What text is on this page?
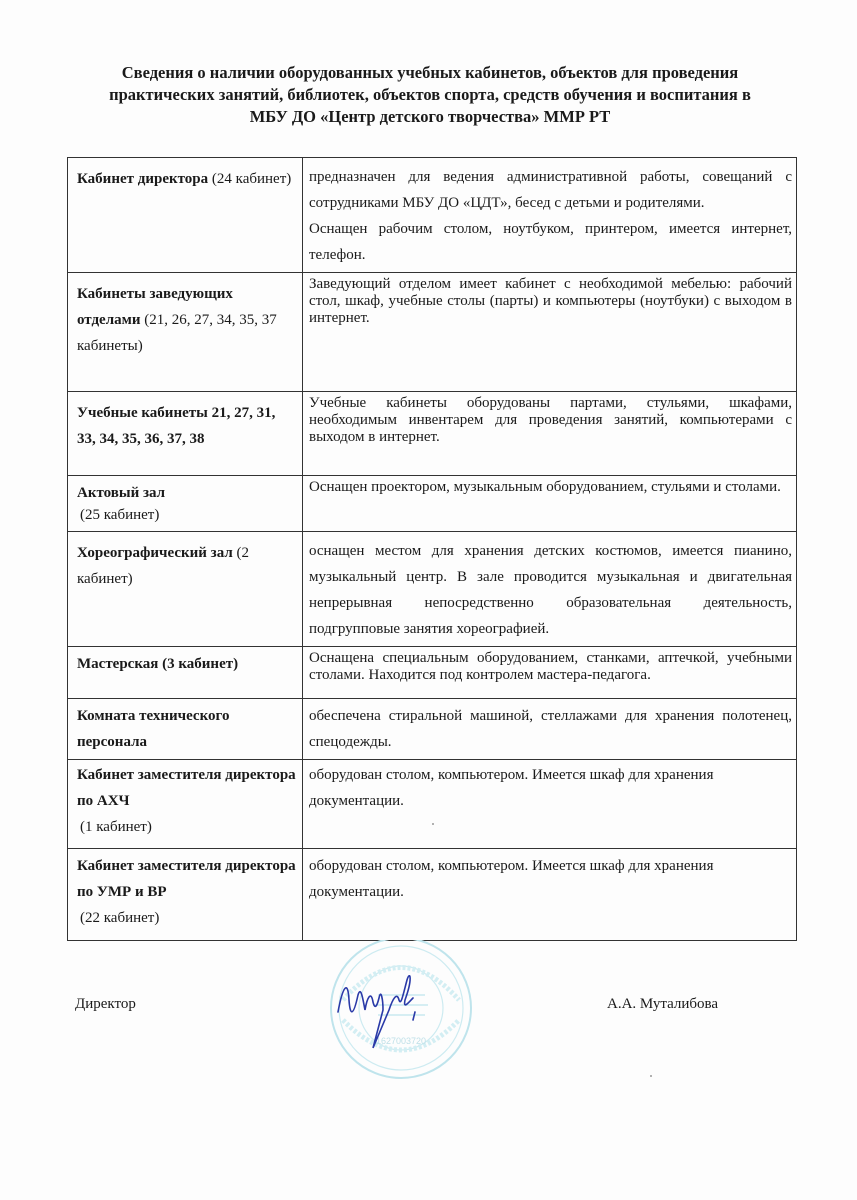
Сведения о наличии оборудованных учебных кабинетов, объектов для проведения
практических занятий, библиотек, объектов спорта, средств обучения и воспитания в
МБУ ДО «Центр детского творчества» ММР РТ
Кабинет директора (24 кабинет)	предназначен для ведения административной работы, совещаний с сотрудниками МБУ ДО «ЦДТ», бесед с детьми и родителями.
Оснащен рабочим столом, ноутбуком, принтером, имеется интернет, телефон.

Кабинеты заведующих отделами (21, 26, 27, 34, 35, 37 кабинеты)	Заведующий отделом имеет кабинет с необходимой мебелью: рабочий стол, шкаф, учебные столы (парты) и компьютеры (ноутбуки) с выходом в интернет.

Учебные кабинеты 21, 27, 31, 33, 34, 35, 36, 37, 38	Учебные кабинеты оборудованы партами, стульями, шкафами, необходимым инвентарем для проведения занятий, компьютерами с выходом в интернет.

Актовый зал
(25 кабинет)	Оснащен проектором, музыкальным оборудованием, стульями и столами.

Хореографический зал (2 кабинет)	оснащен местом для хранения детских костюмов, имеется пианино, музыкальный центр. В зале проводится музыкальная и двигательная непрерывная непосредственно образовательная деятельность, подгрупповые занятия хореографией.

Мастерская (3 кабинет)	Оснащена специальным оборудованием, станками, аптечкой, учебными столами. Находится под контролем мастера-педагога.

Комната технического персонала	обеспечена стиральной машиной, стеллажами для хранения полотенец, спецодежды.

Кабинет заместителя директора по АХЧ
(1 кабинет)	оборудован столом, компьютером. Имеется шкаф для хранения документации.

Кабинет заместителя директора по УМР и ВР
(22 кабинет)	оборудован столом, компьютером. Имеется шкаф для хранения документации.
Директор
1627003720
А.А. Муталибова
